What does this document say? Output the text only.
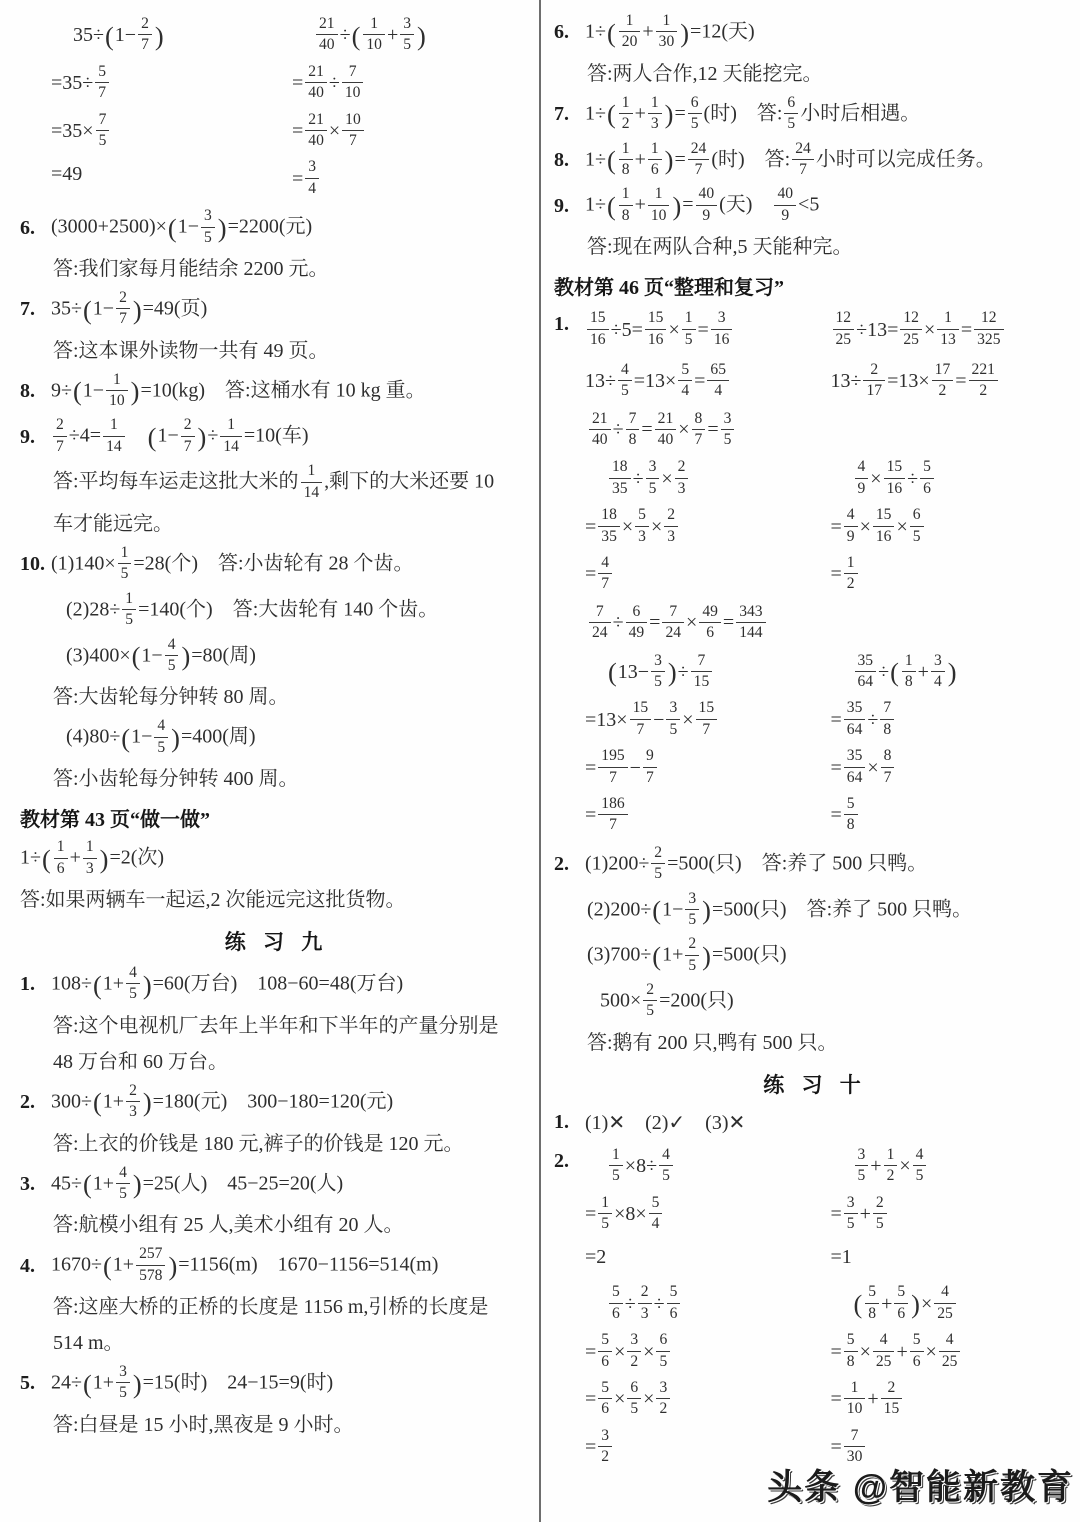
35÷ ( $1- \frac{2}{7}$ )
$=35\div \frac{5}{7}$
$=35\times \frac{7}{5}$
=49
$\frac{21}{40}$ ÷ ( $\frac{1}{10} + \frac{3}{5}$ )
= $\frac{21}{40} \div \frac{7}{10}$
= $\frac{21}{40} \times \frac{10}{7}$
= $\frac{3}{4}$
6. $(3000+2500)\times(1- \frac{3}{5} )=2200$(元)
答:我们家每月能结余 2200 元。
7. $35\div(1- \frac{2}{7} )=49$(页)
答:这本课外读物一共有 49 页。
8. $9\div(1- \frac{1}{10} )=10(kg)$ 答:这桶水有 10 kg 重。
9.	$\frac{2}{7} \div 4= \frac{1}{14}$
  ($1- \frac{2}{7}$ )÷ $\frac{1}{14} =10$(车)
答:平均每车运走这批大米的 $\frac{1}{14}$ ,剩下的大米还要 10
车才能远完。
10. $(1)140\times \frac{1}{5} =28$(个) 答:小齿轮有 28 个齿。
$(2)28\div \frac{1}{5} =140$(个) 答:大齿轮有 140 个齿。
$(3)400\times(1- \frac{4}{5} )=80$(周)
答:大齿轮每分钟转 80 周。
$(4)80\div(1- \frac{4}{5} )=400$(周)
答:小齿轮每分钟转 400 周。
教材第 43 页“做一做”
$1\div( \frac{1}{6} + \frac{1}{3} )=2$(次)
答:如果两辆车一起运,2 次能远完这批货物。
练 习 九
1. $108\div(1+ \frac{4}{5} )=60$(万台) 108−60=48(万台)
答:这个电视机厂去年上半年和下半年的产量分别是
48 万台和 60 万台。
2. $300\div(1+ \frac{2}{3} )=180$(元) 300−180=120(元)
答:上衣的价钱是 180 元,裤子的价钱是 120 元。
3. $45\div(1+ \frac{4}{5} )=25$(人) 45−25=20(人)
答:航模小组有 25 人,美术小组有 20 人。
4. $1670\div(1+ \frac{257}{578} )=1156(m)$ 1670−1156=514(m)
答:这座大桥的正桥的长度是 1156 m,引桥的长度是
514 m。
5. $24\div(1+ \frac{3}{5} )=15$(时) 24−15=9(时)
答:白昼是 15 小时,黑夜是 9 小时。
6. $1\div( \frac{1}{20} + \frac{1}{30} )=12$(天)
答:两人合作,12 天能挖完。
7. $1\div( \frac{1}{2} + \frac{1}{3}$ )= $\frac{6}{5}$ (时) 答: $\frac{6}{5}$ 小时后相遇。
8. $1\div( \frac{1}{8} + \frac{1}{6}$ )= $\frac{24}{7}$ (时) 答: $\frac{24}{7}$ 小时可以完成任务。
9. $1\div( \frac{1}{8} + \frac{1}{10}$ )= $\frac{40}{9}$ (天)  $\frac{40}{9} <5$
答:现在两队合种,5 天能种完。
教材第 46 页“整理和复习”
1.	$\frac{15}{16} \div 5= \frac{15}{16} \times \frac{1}{5} = \frac{3}{16}$	$\frac{12}{25} \div 13= \frac{12}{25} \times \frac{1}{13} = \frac{12}{325}$
$13\div \frac{4}{5} =13\times \frac{5}{4} = \frac{65}{4}$	$13\div \frac{2}{17} =13\times \frac{17}{2} = \frac{221}{2}$
$\frac{21}{40} \div \frac{7}{8} = \frac{21}{40} \times \frac{8}{7} = \frac{3}{5}$
$\frac{18}{35} \div \frac{3}{5} \times \frac{2}{3}$
= $\frac{18}{35} \times \frac{5}{3} \times \frac{2}{3}$
= $\frac{4}{7}$
$\frac{4}{9} \times \frac{15}{16} \div \frac{5}{6}$
= $\frac{4}{9} \times \frac{15}{16} \times \frac{6}{5}$
= $\frac{1}{2}$
$\frac{7}{24} \div \frac{6}{49} = \frac{7}{24} \times \frac{49}{6} = \frac{343}{144}$
( $13- \frac{3}{5}$ ) ÷ $\frac{7}{15}$
$=13\times \frac{15}{7} - \frac{3}{5} \times \frac{15}{7}$
= $\frac{195}{7} - \frac{9}{7}$
= $\frac{186}{7}$
$\frac{35}{64}$ ÷ ( $\frac{1}{8} + \frac{3}{4}$ )
= $\frac{35}{64} \div \frac{7}{8}$
= $\frac{35}{64} \times \frac{8}{7}$
= $\frac{5}{8}$
2. $(1)200\div \frac{2}{5} =500$(只) 答:养了 500 只鸭。
$(2)200\div(1- \frac{3}{5} )=500$(只) 答:养了 500 只鸭。
$(3)700\div(1+ \frac{2}{5} )=500$(只)
$500\times \frac{2}{5} =200$(只)
答:鹅有 200 只,鸭有 500 只。
练 习 十
1. (1)✕ (2)✓ (3)✕
2.	$\frac{1}{5} \times 8\div \frac{4}{5}$
= $\frac{1}{5} \times 8\times \frac{5}{4}$
=2
$\frac{3}{5} + \frac{1}{2} \times \frac{4}{5}$
= $\frac{3}{5} + \frac{2}{5}$
=1
$\frac{5}{6} \div \frac{2}{3} \div \frac{5}{6}$
= $\frac{5}{6} \times \frac{3}{2} \times \frac{6}{5}$
= $\frac{5}{6} \times \frac{6}{5} \times \frac{3}{2}$
= $\frac{3}{2}$
( $\frac{5}{8} + \frac{5}{6}$ ) × $\frac{4}{25}$
= $\frac{5}{8} \times \frac{4}{25} + \frac{5}{6} \times \frac{4}{25}$
= $\frac{1}{10} + \frac{2}{15}$
= $\frac{7}{30}$
头条 @智能新教育
